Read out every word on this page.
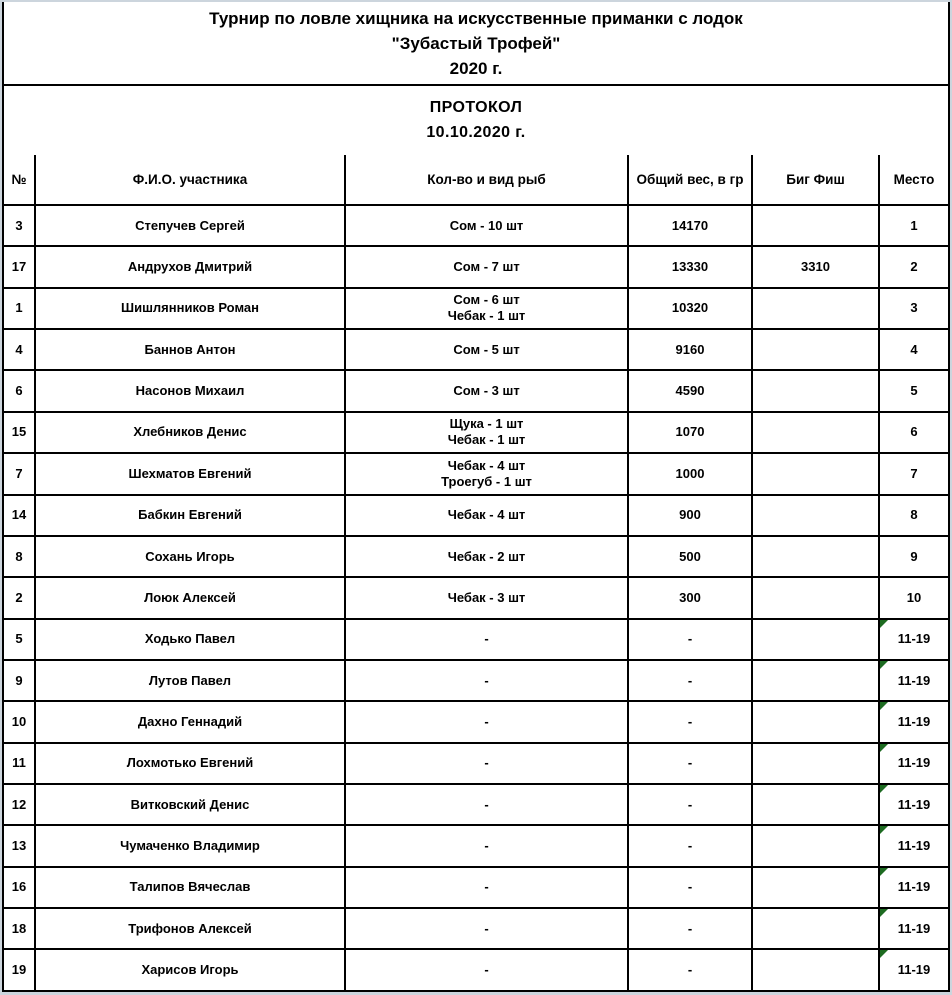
Турнир по ловле хищника на искусственные приманки с лодок
"Зубастый Трофей"
2020 г.
ПРОТОКОЛ
10.10.2020 г.
№	Ф.И.О. участника	Кол-во и вид рыб	Общий вес, в гр	Биг Фиш	Место
3	Степучев Сергей	Сом - 10 шт	14170		1
17	Андрухов Дмитрий	Сом - 7 шт	13330	3310	2
1	Шишлянников Роман	Сом - 6 шт
Чебак - 1 шт	10320		3
4	Баннов Антон	Сом - 5 шт	9160		4
6	Насонов Михаил	Сом - 3 шт	4590		5
15	Хлебников Денис	Щука - 1 шт
Чебак - 1 шт	1070		6
7	Шехматов Евгений	Чебак - 4 шт
Троегуб - 1 шт	1000		7
14	Бабкин Евгений	Чебак - 4 шт	900		8
8	Сохань Игорь	Чебак - 2 шт	500		9
2	Лоюк Алексей	Чебак - 3 шт	300		10
5	Ходько Павел	-	-		11-19
9	Лутов Павел	-	-		11-19
10	Дахно Геннадий	-	-		11-19
11	Лохмотько Евгений	-	-		11-19
12	Витковский Денис	-	-		11-19
13	Чумаченко Владимир	-	-		11-19
16	Талипов Вячеслав	-	-		11-19
18	Трифонов Алексей	-	-		11-19
19	Харисов Игорь	-	-		11-19
